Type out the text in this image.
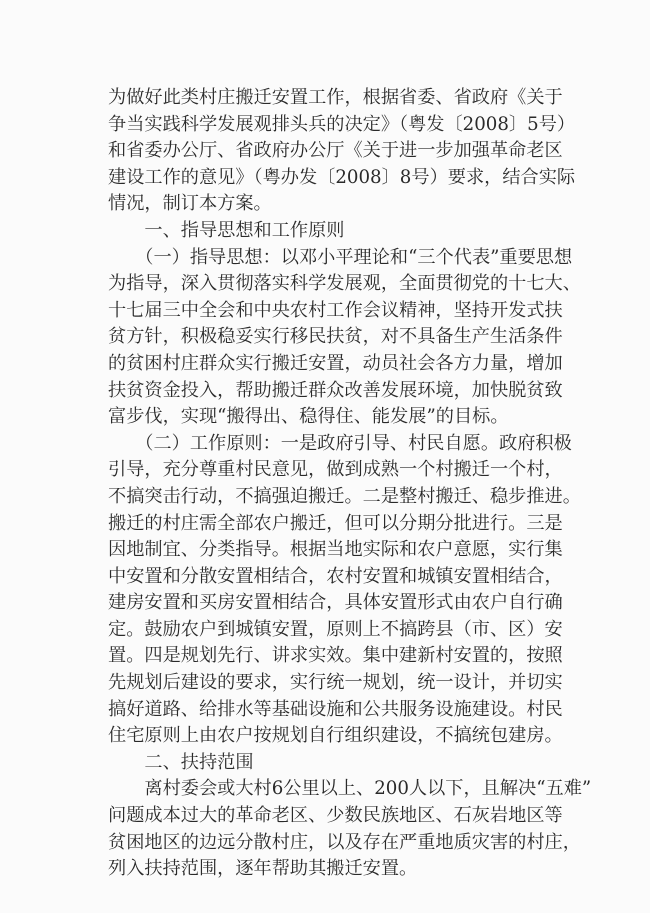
为做好此类村庄搬迁安置工作，根据省委、省政府《关于
争当实践科学发展观排头兵的决定》（粤发〔2008〕5号）
和省委办公厅、省政府办公厅《关于进一步加强革命老区
建设工作的意见》（粤办发〔2008〕8号）要求，结合实际
情况，制订本方案。
　　一、指导思想和工作原则
　　（一）指导思想：以邓小平理论和“三个代表”重要思想
为指导，深入贯彻落实科学发展观，全面贯彻党的十七大、
十七届三中全会和中央农村工作会议精神，坚持开发式扶
贫方针，积极稳妥实行移民扶贫，对不具备生产生活条件
的贫困村庄群众实行搬迁安置，动员社会各方力量，增加
扶贫资金投入，帮助搬迁群众改善发展环境，加快脱贫致
富步伐，实现“搬得出、稳得住、能发展”的目标。
　　（二）工作原则：一是政府引导、村民自愿。政府积极
引导，充分尊重村民意见，做到成熟一个村搬迁一个村，
不搞突击行动，不搞强迫搬迁。二是整村搬迁、稳步推进。
搬迁的村庄需全部农户搬迁，但可以分期分批进行。三是
因地制宜、分类指导。根据当地实际和农户意愿，实行集
中安置和分散安置相结合，农村安置和城镇安置相结合，
建房安置和买房安置相结合，具体安置形式由农户自行确
定。鼓励农户到城镇安置，原则上不搞跨县（市、区）安
置。四是规划先行、讲求实效。集中建新村安置的，按照
先规划后建设的要求，实行统一规划，统一设计，并切实
搞好道路、给排水等基础设施和公共服务设施建设。村民
住宅原则上由农户按规划自行组织建设，不搞统包建房。
　　二、扶持范围
　　离村委会或大村6公里以上、200人以下，且解决“五难”
问题成本过大的革命老区、少数民族地区、石灰岩地区等
贫困地区的边远分散村庄，以及存在严重地质灾害的村庄，
列入扶持范围，逐年帮助其搬迁安置。
